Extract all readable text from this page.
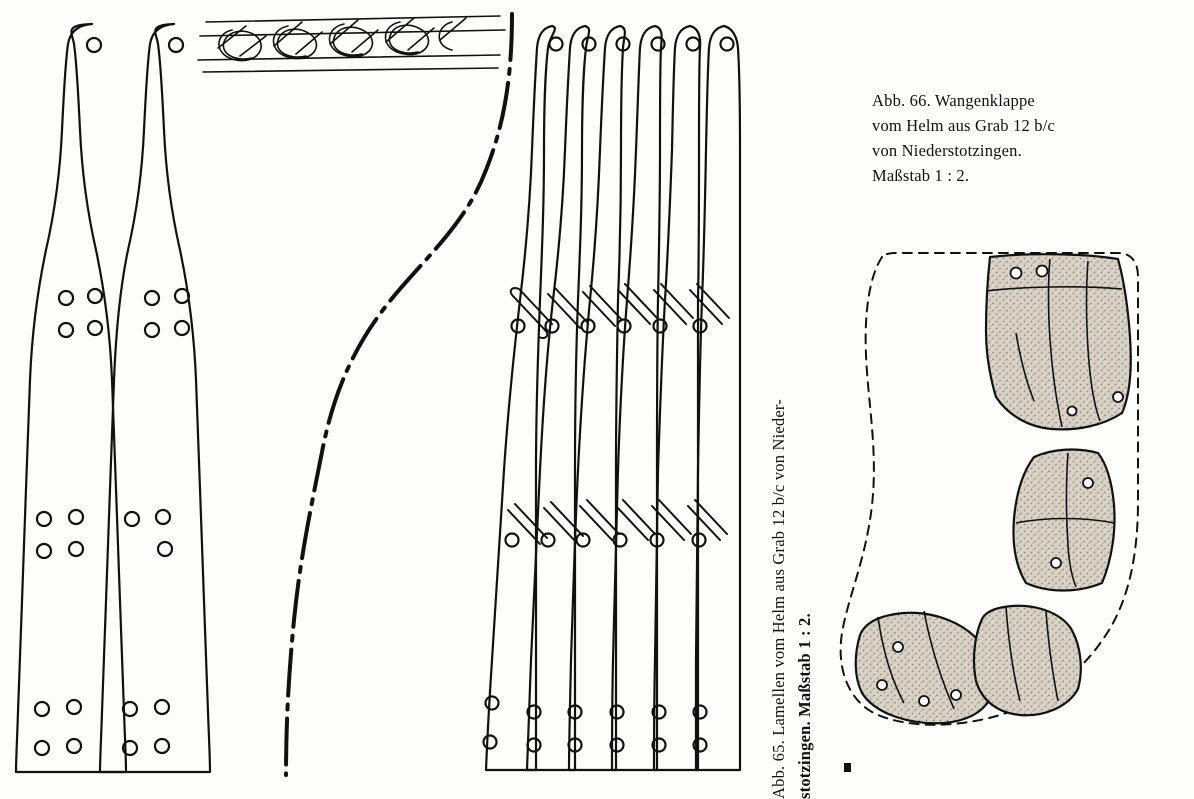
Abb. 65. Lamellen vom Helm aus Grab 12 b/c von Nieder- stotzingen. Maßstab 1 : 2.
Abb. 66. Wangenklappe
vom Helm aus Grab 12 b/c
von Niederstotzingen.
Maßstab 1 : 2.
